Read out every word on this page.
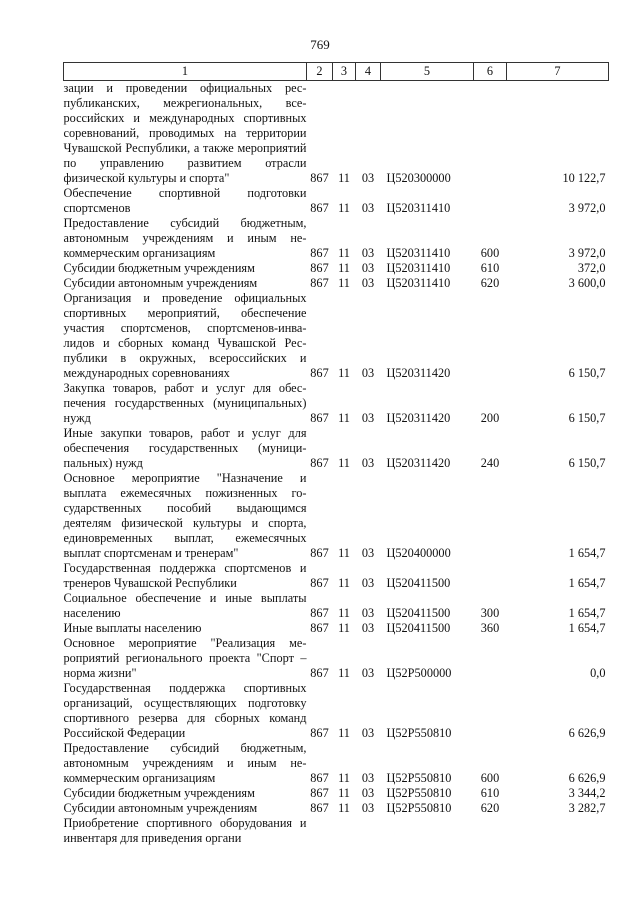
769
1	2	3	4	5	6	7
зации и проведении официальных республиканских, межрегиональных, всероссийских и международных спортивных соревнований, проводимых на территории Чувашской Республики, а также мероприятий по управлению развитием отрасли физической культуры и спорта"	867	11	03	Ц520300000		10 122,7
Обеспечение спортивной подготовки спортсменов	867	11	03	Ц520311410		3 972,0
Предоставление субсидий бюджетным, автономным учреждениям и иным некоммерческим организациям	867	11	03	Ц520311410	600	3 972,0
Субсидии бюджетным учреждениям	867	11	03	Ц520311410	610	372,0
Субсидии автономным учреждениям	867	11	03	Ц520311410	620	3 600,0
Организация и проведение официальных спортивных мероприятий, обеспечение участия спортсменов, спортсменов-инвалидов и сборных команд Чувашской Республики в окружных, всероссийских и международных соревнованиях	867	11	03	Ц520311420		6 150,7
Закупка товаров, работ и услуг для обеспечения государственных (муниципальных) нужд	867	11	03	Ц520311420	200	6 150,7
Иные закупки товаров, работ и услуг для обеспечения государственных (муниципальных) нужд	867	11	03	Ц520311420	240	6 150,7
Основное мероприятие "Назначение и выплата ежемесячных пожизненных государственных пособий выдающимся деятелям физической культуры и спорта, единовременных выплат, ежемесячных выплат спортсменам и тренерам"	867	11	03	Ц520400000		1 654,7
Государственная поддержка спортсменов и тренеров Чувашской Республики	867	11	03	Ц520411500		1 654,7
Социальное обеспечение и иные выплаты населению	867	11	03	Ц520411500	300	1 654,7
Иные выплаты населению	867	11	03	Ц520411500	360	1 654,7
Основное мероприятие "Реализация мероприятий регионального проекта "Спорт – норма жизни"	867	11	03	Ц52Р500000		0,0
Государственная поддержка спортивных организаций, осуществляющих подготовку спортивного резерва для сборных команд Российской Федерации	867	11	03	Ц52Р550810		6 626,9
Предоставление субсидий бюджетным, автономным учреждениям и иным некоммерческим организациям	867	11	03	Ц52Р550810	600	6 626,9
Субсидии бюджетным учреждениям	867	11	03	Ц52Р550810	610	3 344,2
Субсидии автономным учреждениям	867	11	03	Ц52Р550810	620	3 282,7
Приобретение спортивного оборудования и инвентаря для приведения органи						
